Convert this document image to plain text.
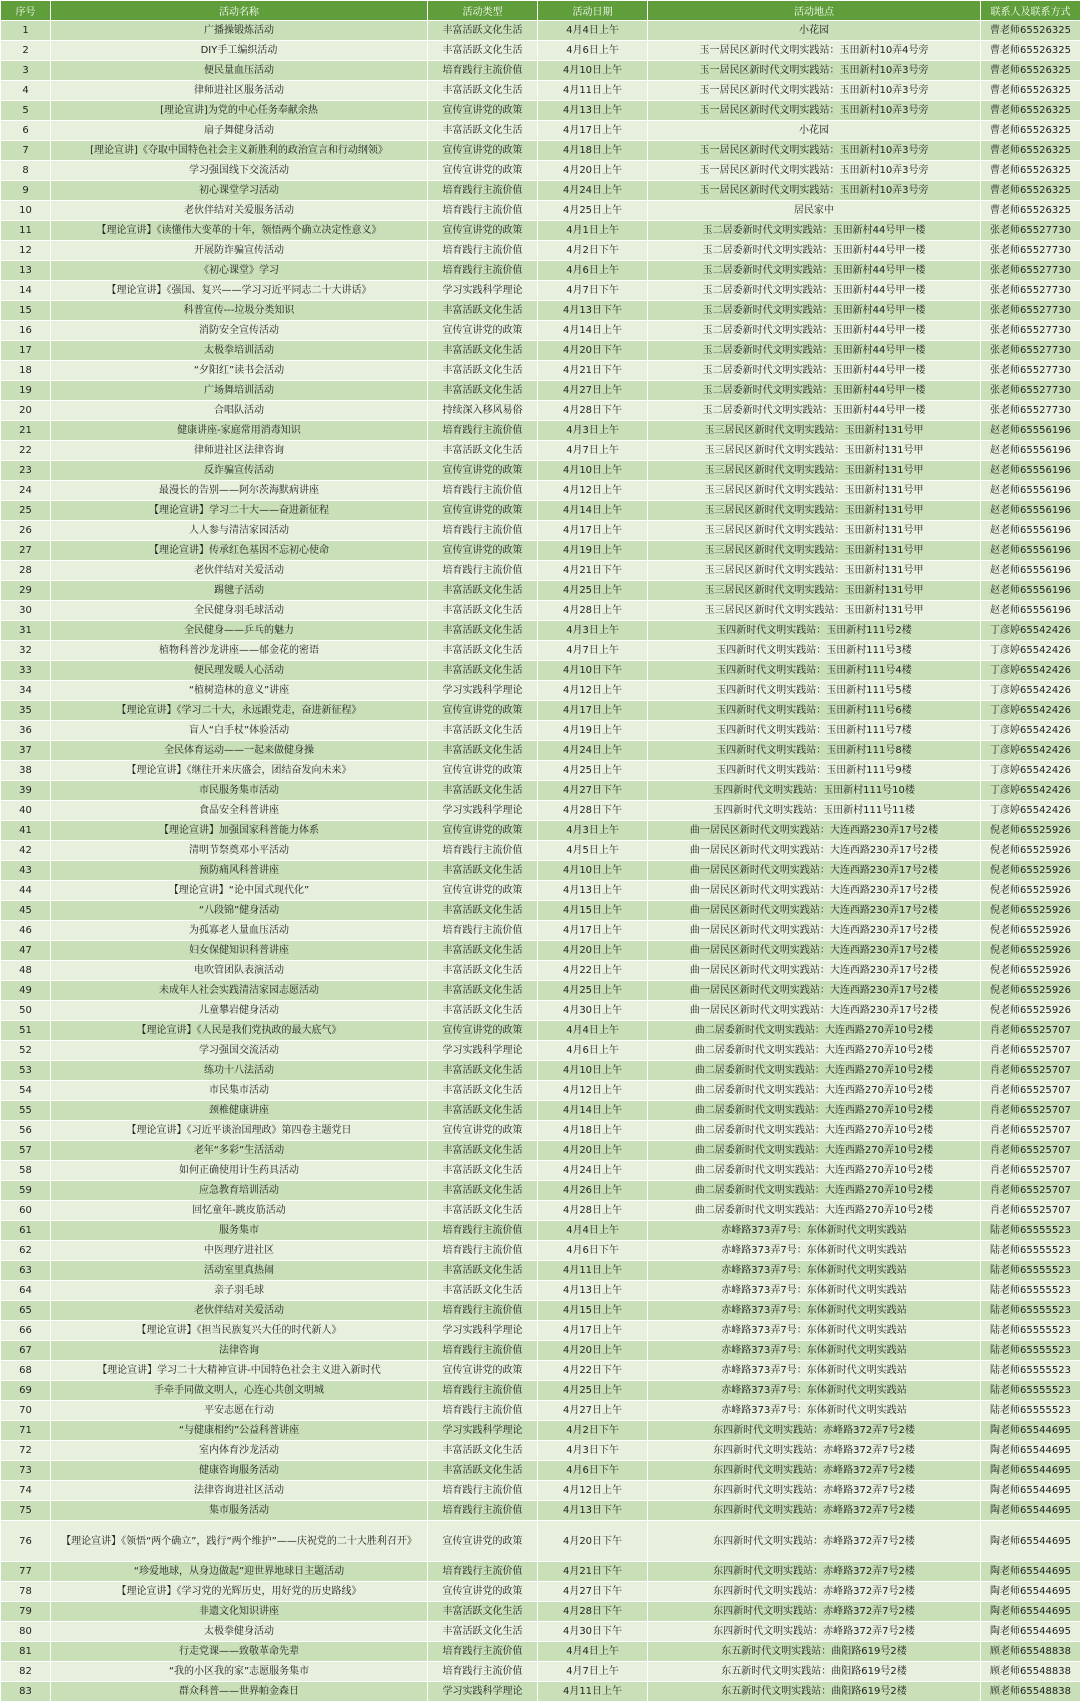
序号	活动名称	活动类型	活动日期	活动地点	联系人及联系方式
1	广播操锻炼活动	丰富活跃文化生活	4月4日上午	小花园	曹老师65526325
2	DIY手工编织活动	丰富活跃文化生活	4月6日上午	玉一居民区新时代文明实践站：玉田新村10弄4号旁	曹老师65526325
3	便民量血压活动	培育践行主流价值	4月10日上午	玉一居民区新时代文明实践站：玉田新村10弄3号旁	曹老师65526325
4	律师进社区服务活动	丰富活跃文化生活	4月11日上午	玉一居民区新时代文明实践站：玉田新村10弄3号旁	曹老师65526325
5	[理论宣讲]为党的中心任务奉献余热	宣传宣讲党的政策	4月13日上午	玉一居民区新时代文明实践站：玉田新村10弄3号旁	曹老师65526325
6	扇子舞健身活动	丰富活跃文化生活	4月17日上午	小花园	曹老师65526325
7	[理论宣讲]《夺取中国特色社会主义新胜利的政治宣言和行动纲领》	宣传宣讲党的政策	4月18日上午	玉一居民区新时代文明实践站：玉田新村10弄3号旁	曹老师65526325
8	学习强国线下交流活动	宣传宣讲党的政策	4月20日上午	玉一居民区新时代文明实践站：玉田新村10弄3号旁	曹老师65526325
9	初心课堂学习活动	培育践行主流价值	4月24日上午	玉一居民区新时代文明实践站：玉田新村10弄3号旁	曹老师65526325
10	老伙伴结对关爱服务活动	培育践行主流价值	4月25日上午	居民家中	曹老师65526325
11	【理论宣讲】《读懂伟大变革的十年，领悟两个确立决定性意义》	宣传宣讲党的政策	4月1日上午	玉二居委新时代文明实践站：玉田新村44号甲一楼	张老师65527730
12	开展防诈骗宣传活动	培育践行主流价值	4月2日下午	玉二居委新时代文明实践站：玉田新村44号甲一楼	张老师65527730
13	《初心课堂》学习	培育践行主流价值	4月6日上午	玉二居委新时代文明实践站：玉田新村44号甲一楼	张老师65527730
14	【理论宣讲】《强国、复兴——学习习近平同志二十大讲话》	学习实践科学理论	4月7日下午	玉二居委新时代文明实践站：玉田新村44号甲一楼	张老师65527730
15	科普宣传---垃圾分类知识	丰富活跃文化生活	4月13日下午	玉二居委新时代文明实践站：玉田新村44号甲一楼	张老师65527730
16	消防安全宣传活动	宣传宣讲党的政策	4月14日上午	玉二居委新时代文明实践站：玉田新村44号甲一楼	张老师65527730
17	太极拳培训活动	丰富活跃文化生活	4月20日下午	玉二居委新时代文明实践站：玉田新村44号甲一楼	张老师65527730
18	“夕阳红”读书会活动	丰富活跃文化生活	4月21日下午	玉二居委新时代文明实践站：玉田新村44号甲一楼	张老师65527730
19	广场舞培训活动	丰富活跃文化生活	4月27日上午	玉二居委新时代文明实践站：玉田新村44号甲一楼	张老师65527730
20	合唱队活动	持续深入移风易俗	4月28日下午	玉二居委新时代文明实践站：玉田新村44号甲一楼	张老师65527730
21	健康讲座-家庭常用消毒知识	培育践行主流价值	4月3日上午	玉三居民区新时代文明实践站：玉田新村131号甲	赵老师65556196
22	律师进社区法律咨询	丰富活跃文化生活	4月7日上午	玉三居民区新时代文明实践站：玉田新村131号甲	赵老师65556196
23	反诈骗宣传活动	宣传宣讲党的政策	4月10日上午	玉三居民区新时代文明实践站：玉田新村131号甲	赵老师65556196
24	最漫长的告别——阿尔茨海默病讲座	培育践行主流价值	4月12日上午	玉三居民区新时代文明实践站：玉田新村131号甲	赵老师65556196
25	【理论宣讲】学习二十大——奋进新征程	宣传宣讲党的政策	4月14日上午	玉三居民区新时代文明实践站：玉田新村131号甲	赵老师65556196
26	人人参与清洁家园活动	培育践行主流价值	4月17日上午	玉三居民区新时代文明实践站：玉田新村131号甲	赵老师65556196
27	【理论宣讲】传承红色基因不忘初心使命	宣传宣讲党的政策	4月19日上午	玉三居民区新时代文明实践站：玉田新村131号甲	赵老师65556196
28	老伙伴结对关爱活动	培育践行主流价值	4月21日下午	玉三居民区新时代文明实践站：玉田新村131号甲	赵老师65556196
29	踢毽子活动	丰富活跃文化生活	4月25日上午	玉三居民区新时代文明实践站：玉田新村131号甲	赵老师65556196
30	全民健身羽毛球活动	丰富活跃文化生活	4月28日上午	玉三居民区新时代文明实践站：玉田新村131号甲	赵老师65556196
31	全民健身——乒乓的魅力	丰富活跃文化生活	4月3日上午	玉四新时代文明实践站：玉田新村111号2楼	丁彦婷65542426
32	植物科普沙龙讲座——郁金花的密语	丰富活跃文化生活	4月7日上午	玉四新时代文明实践站：玉田新村111号3楼	丁彦婷65542426
33	便民理发暖人心活动	丰富活跃文化生活	4月10日下午	玉四新时代文明实践站：玉田新村111号4楼	丁彦婷65542426
34	“植树造林的意义”讲座	学习实践科学理论	4月12日上午	玉四新时代文明实践站：玉田新村111号5楼	丁彦婷65542426
35	【理论宣讲】《学习二十大，永远跟党走，奋进新征程》	宣传宣讲党的政策	4月17日上午	玉四新时代文明实践站：玉田新村111号6楼	丁彦婷65542426
36	盲人“白手杖”体验活动	丰富活跃文化生活	4月19日上午	玉四新时代文明实践站：玉田新村111号7楼	丁彦婷65542426
37	全民体育运动——一起来做健身操	丰富活跃文化生活	4月24日上午	玉四新时代文明实践站：玉田新村111号8楼	丁彦婷65542426
38	【理论宣讲】《继往开来庆盛会，团结奋发向未来》	宣传宣讲党的政策	4月25日上午	玉四新时代文明实践站：玉田新村111号9楼	丁彦婷65542426
39	市民服务集市活动	丰富活跃文化生活	4月27日下午	玉四新时代文明实践站：玉田新村111号10楼	丁彦婷65542426
40	食品安全科普讲座	学习实践科学理论	4月28日下午	玉四新时代文明实践站：玉田新村111号11楼	丁彦婷65542426
41	【理论宣讲】加强国家科普能力体系	宣传宣讲党的政策	4月3日上午	曲一居民区新时代文明实践站：大连西路230弄17号2楼	倪老师65525926
42	清明节祭奠邓小平活动	培育践行主流价值	4月5日上午	曲一居民区新时代文明实践站：大连西路230弄17号2楼	倪老师65525926
43	预防痛风科普讲座	丰富活跃文化生活	4月10日上午	曲一居民区新时代文明实践站：大连西路230弄17号2楼	倪老师65525926
44	【理论宣讲】“论中国式现代化”	宣传宣讲党的政策	4月13日上午	曲一居民区新时代文明实践站：大连西路230弄17号2楼	倪老师65525926
45	“八段锦”健身活动	丰富活跃文化生活	4月15日上午	曲一居民区新时代文明实践站：大连西路230弄17号2楼	倪老师65525926
46	为孤寡老人量血压活动	培育践行主流价值	4月17日上午	曲一居民区新时代文明实践站：大连西路230弄17号2楼	倪老师65525926
47	妇女保健知识科普讲座	丰富活跃文化生活	4月20日上午	曲一居民区新时代文明实践站：大连西路230弄17号2楼	倪老师65525926
48	电吹管团队表演活动	丰富活跃文化生活	4月22日上午	曲一居民区新时代文明实践站：大连西路230弄17号2楼	倪老师65525926
49	未成年人社会实践清洁家园志愿活动	丰富活跃文化生活	4月25日上午	曲一居民区新时代文明实践站：大连西路230弄17号2楼	倪老师65525926
50	儿童攀岩健身活动	丰富活跃文化生活	4月30日上午	曲一居民区新时代文明实践站：大连西路230弄17号2楼	倪老师65525926
51	【理论宣讲】《人民是我们党执政的最大底气》	宣传宣讲党的政策	4月4日上午	曲二居委新时代文明实践站：大连西路270弄10号2楼	肖老师65525707
52	学习强国交流活动	学习实践科学理论	4月6日上午	曲二居委新时代文明实践站：大连西路270弄10号2楼	肖老师65525707
53	练功十八法活动	丰富活跃文化生活	4月10日上午	曲二居委新时代文明实践站：大连西路270弄10号2楼	肖老师65525707
54	市民集市活动	丰富活跃文化生活	4月12日上午	曲二居委新时代文明实践站：大连西路270弄10号2楼	肖老师65525707
55	颈椎健康讲座	丰富活跃文化生活	4月14日上午	曲二居委新时代文明实践站：大连西路270弄10号2楼	肖老师65525707
56	【理论宣讲】《习近平谈治国理政》第四卷主题党日	宣传宣讲党的政策	4月18日上午	曲二居委新时代文明实践站：大连西路270弄10号2楼	肖老师65525707
57	老年“多彩”生活活动	丰富活跃文化生活	4月20日上午	曲二居委新时代文明实践站：大连西路270弄10号2楼	肖老师65525707
58	如何正确使用计生药具活动	丰富活跃文化生活	4月24日上午	曲二居委新时代文明实践站：大连西路270弄10号2楼	肖老师65525707
59	应急教育培训活动	丰富活跃文化生活	4月26日上午	曲二居委新时代文明实践站：大连西路270弄10号2楼	肖老师65525707
60	回忆童年-跳皮筋活动	丰富活跃文化生活	4月28日上午	曲二居委新时代文明实践站：大连西路270弄10号2楼	肖老师65525707
61	服务集市	培育践行主流价值	4月4日上午	赤峰路373弄7号：东体新时代文明实践站	陆老师65555523
62	中医理疗进社区	培育践行主流价值	4月6日下午	赤峰路373弄7号：东体新时代文明实践站	陆老师65555523
63	活动室里真热闹	丰富活跃文化生活	4月11日上午	赤峰路373弄7号：东体新时代文明实践站	陆老师65555523
64	亲子羽毛球	丰富活跃文化生活	4月13日上午	赤峰路373弄7号：东体新时代文明实践站	陆老师65555523
65	老伙伴结对关爱活动	培育践行主流价值	4月15日上午	赤峰路373弄7号：东体新时代文明实践站	陆老师65555523
66	【理论宣讲】《担当民族复兴大任的时代新人》	学习实践科学理论	4月17日上午	赤峰路373弄7号：东体新时代文明实践站	陆老师65555523
67	法律咨询	培育践行主流价值	4月20日上午	赤峰路373弄7号：东体新时代文明实践站	陆老师65555523
68	【理论宣讲】学习二十大精神宣讲-中国特色社会主义进入新时代	宣传宣讲党的政策	4月22日下午	赤峰路373弄7号：东体新时代文明实践站	陆老师65555523
69	手牵手同做文明人，心连心共创文明城	培育践行主流价值	4月25日上午	赤峰路373弄7号：东体新时代文明实践站	陆老师65555523
70	平安志愿在行动	培育践行主流价值	4月27日上午	赤峰路373弄7号：东体新时代文明实践站	陆老师65555523
71	“与健康相约”公益科普讲座	学习实践科学理论	4月2日下午	东四新时代文明实践站：赤峰路372弄7号2楼	陶老师65544695
72	室内体育沙龙活动	丰富活跃文化生活	4月3日下午	东四新时代文明实践站：赤峰路372弄7号2楼	陶老师65544695
73	健康咨询服务活动	丰富活跃文化生活	4月6日下午	东四新时代文明实践站：赤峰路372弄7号2楼	陶老师65544695
74	法律咨询进社区活动	培育践行主流价值	4月12日上午	东四新时代文明实践站：赤峰路372弄7号2楼	陶老师65544695
75	集市服务活动	培育践行主流价值	4月13日下午	东四新时代文明实践站：赤峰路372弄7号2楼	陶老师65544695
76	【理论宣讲】《领悟“两个确立”，践行“两个维护”——庆祝党的二十大胜利召开》	宣传宣讲党的政策	4月20日下午	东四新时代文明实践站：赤峰路372弄7号2楼	陶老师65544695
77	“珍爱地球，从身边做起”迎世界地球日主题活动	培育践行主流价值	4月21日下午	东四新时代文明实践站：赤峰路372弄7号2楼	陶老师65544695
78	【理论宣讲】《学习党的光辉历史，用好党的历史路线》	宣传宣讲党的政策	4月27日下午	东四新时代文明实践站：赤峰路372弄7号2楼	陶老师65544695
79	非遗文化知识讲座	丰富活跃文化生活	4月28日下午	东四新时代文明实践站：赤峰路372弄7号2楼	陶老师65544695
80	太极拳健身活动	丰富活跃文化生活	4月30日下午	东四新时代文明实践站：赤峰路372弄7号2楼	陶老师65544695
81	行走党课——致敬革命先辈	培育践行主流价值	4月4日上午	东五新时代文明实践站：曲阳路619号2楼	顾老师65548838
82	“我的小区我的家”志愿服务集市	培育践行主流价值	4月7日上午	东五新时代文明实践站：曲阳路619号2楼	顾老师65548838
83	群众科普——世界帕金森日	学习实践科学理论	4月11日上午	东五新时代文明实践站：曲阳路619号2楼	顾老师65548838
